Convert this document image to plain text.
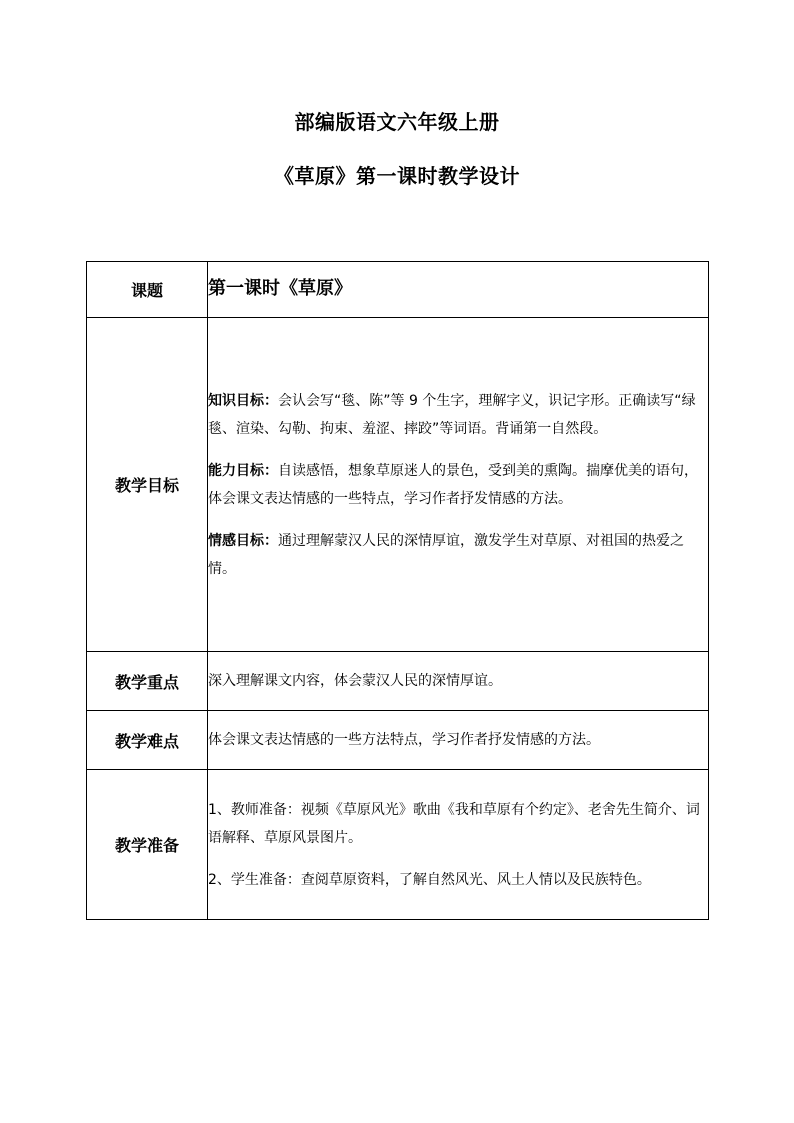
部编版语文六年级上册
《草原》第一课时教学设计
课题	第一课时《草原》
教学目标	知识目标：会认会写“毯、陈”等 9 个生字，理解字义，识记字形。正确读写“绿毯、渲染、勾勒、拘束、羞涩、摔跤”等词语。背诵第一自然段。

能力目标：自读感悟，想象草原迷人的景色，受到美的熏陶。揣摩优美的语句，体会课文表达情感的一些特点，学习作者抒发情感的方法。

情感目标：通过理解蒙汉人民的深情厚谊，激发学生对草原、对祖国的热爱之情。

教学重点	深入理解课文内容，体会蒙汉人民的深情厚谊。
教学难点	体会课文表达情感的一些方法特点，学习作者抒发情感的方法。
教学准备	1、教师准备：视频《草原风光》歌曲《我和草原有个约定》、老舍先生简介、词语解释、草原风景图片。

2、学生准备：查阅草原资料，了解自然风光、风土人情以及民族特色。
